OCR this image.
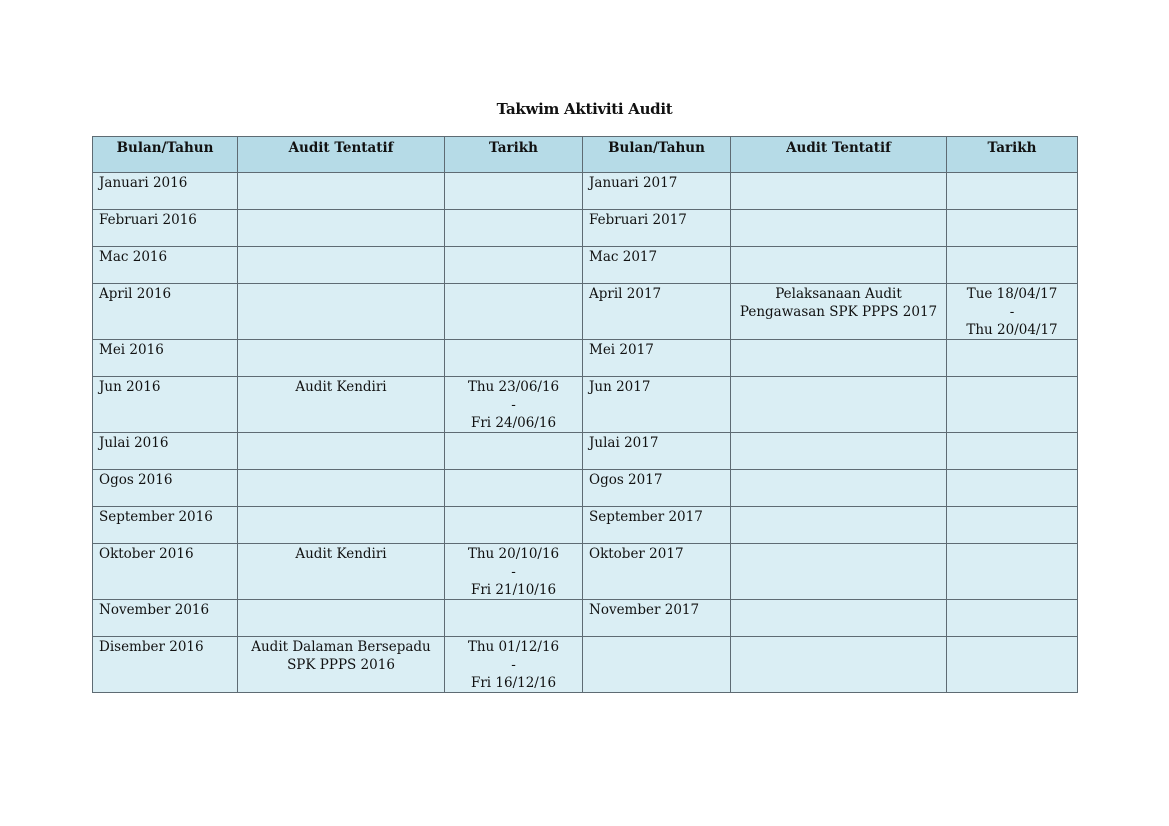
Takwim Aktiviti Audit
Bulan/Tahun	Audit Tentatif	Tarikh	Bulan/Tahun	Audit Tentatif	Tarikh
Januari 2016			Januari 2017		

Februari 2016			Februari 2017		

Mac 2016			Mac 2017		

April 2016			April 2017	Pelaksanaan Audit Pengawasan SPK PPPS 2017	Tue 18/04/17
-
Thu 20/04/17

Mei 2016			Mei 2017		

Jun 2016	Audit Kendiri	Thu 23/06/16
-
Fri 24/06/16	Jun 2017		

Julai 2016			Julai 2017		

Ogos 2016			Ogos 2017		

September 2016			September 2017		

Oktober 2016	Audit Kendiri	Thu 20/10/16
-
Fri 21/10/16	Oktober 2017		

November 2016			November 2017		

Disember 2016	Audit Dalaman Bersepadu SPK PPPS 2016	Thu 01/12/16
-
Fri 16/12/16			
